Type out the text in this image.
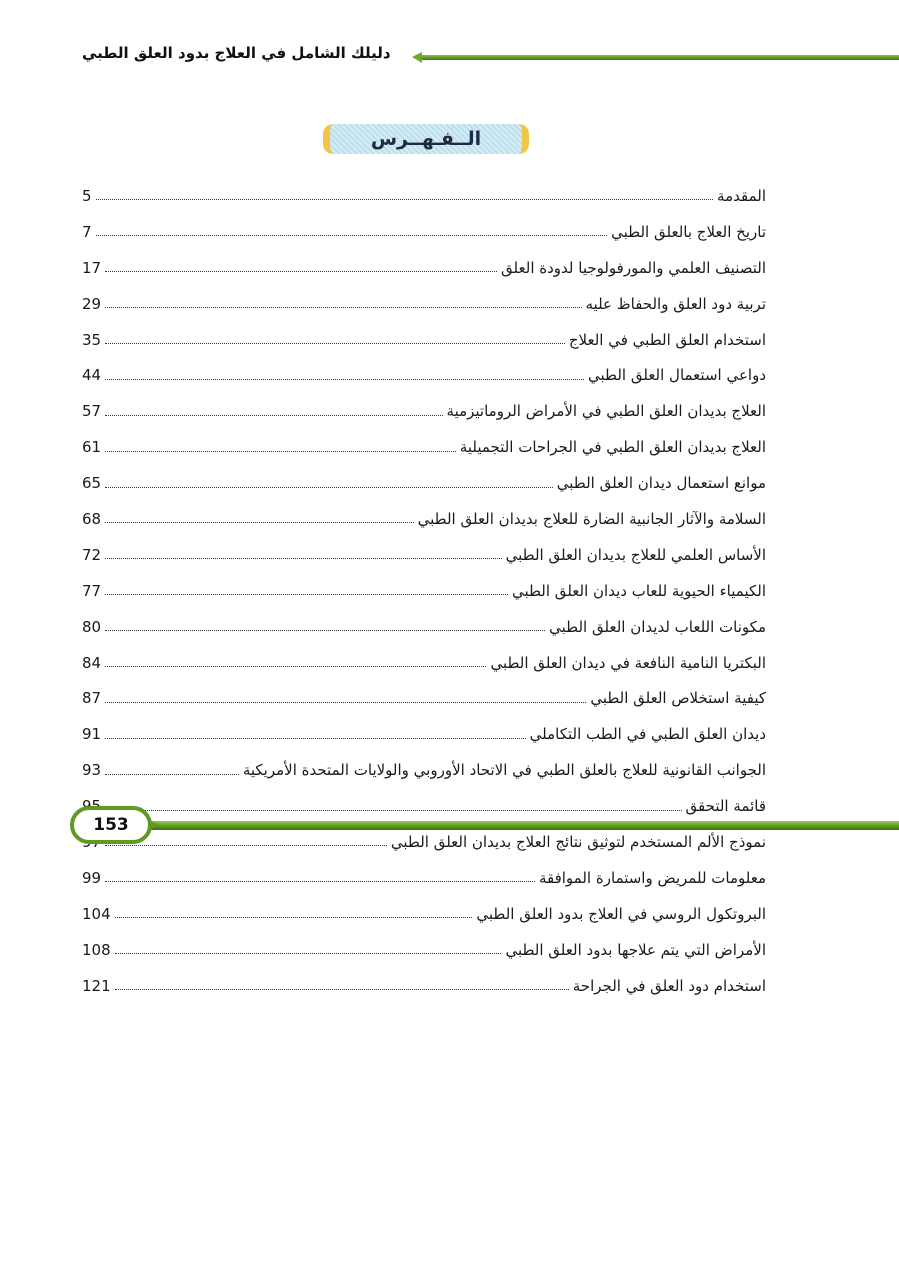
دليلك الشامل في العلاج بدود العلق الطبي
الــفـهــرس
المقدمة
5
تاريخ العلاج بالعلق الطبي
7
التصنيف العلمي والمورفولوجيا لدودة العلق
17
تربية دود العلق والحفاظ عليه
29
استخدام العلق الطبي في العلاج
35
دواعي استعمال العلق الطبي
44
العلاج بديدان العلق الطبي في الأمراض الروماتيزمية
57
العلاج بديدان العلق الطبي في الجراحات التجميلية
61
موانع استعمال ديدان العلق الطبي
65
السلامة والآثار الجانبية الضارة للعلاج بديدان العلق الطبي
68
الأساس العلمي للعلاج بديدان العلق الطبي
72
الكيمياء الحيوية للعاب ديدان العلق الطبي
77
مكونات اللعاب لديدان العلق الطبي
80
البكتريا النامية النافعة في ديدان العلق الطبي
84
كيفية استخلاص العلق الطبي
87
ديدان العلق الطبي في الطب التكاملي
91
الجوانب القانونية للعلاج بالعلق الطبي في الاتحاد الأوروبي والولايات المتحدة الأمريكية
93
قائمة التحقق
نموذج الألم المستخدم لتوثيق نتائج العلاج بديدان العلق الطبي
معلومات للمريض واستمارة الموافقة
99
البروتكول الروسي في العلاج بدود العلق الطبي
104
الأمراض التي يتم علاجها بدود العلق الطبي
108
استخدام دود العلق في الجراحة
121
153
